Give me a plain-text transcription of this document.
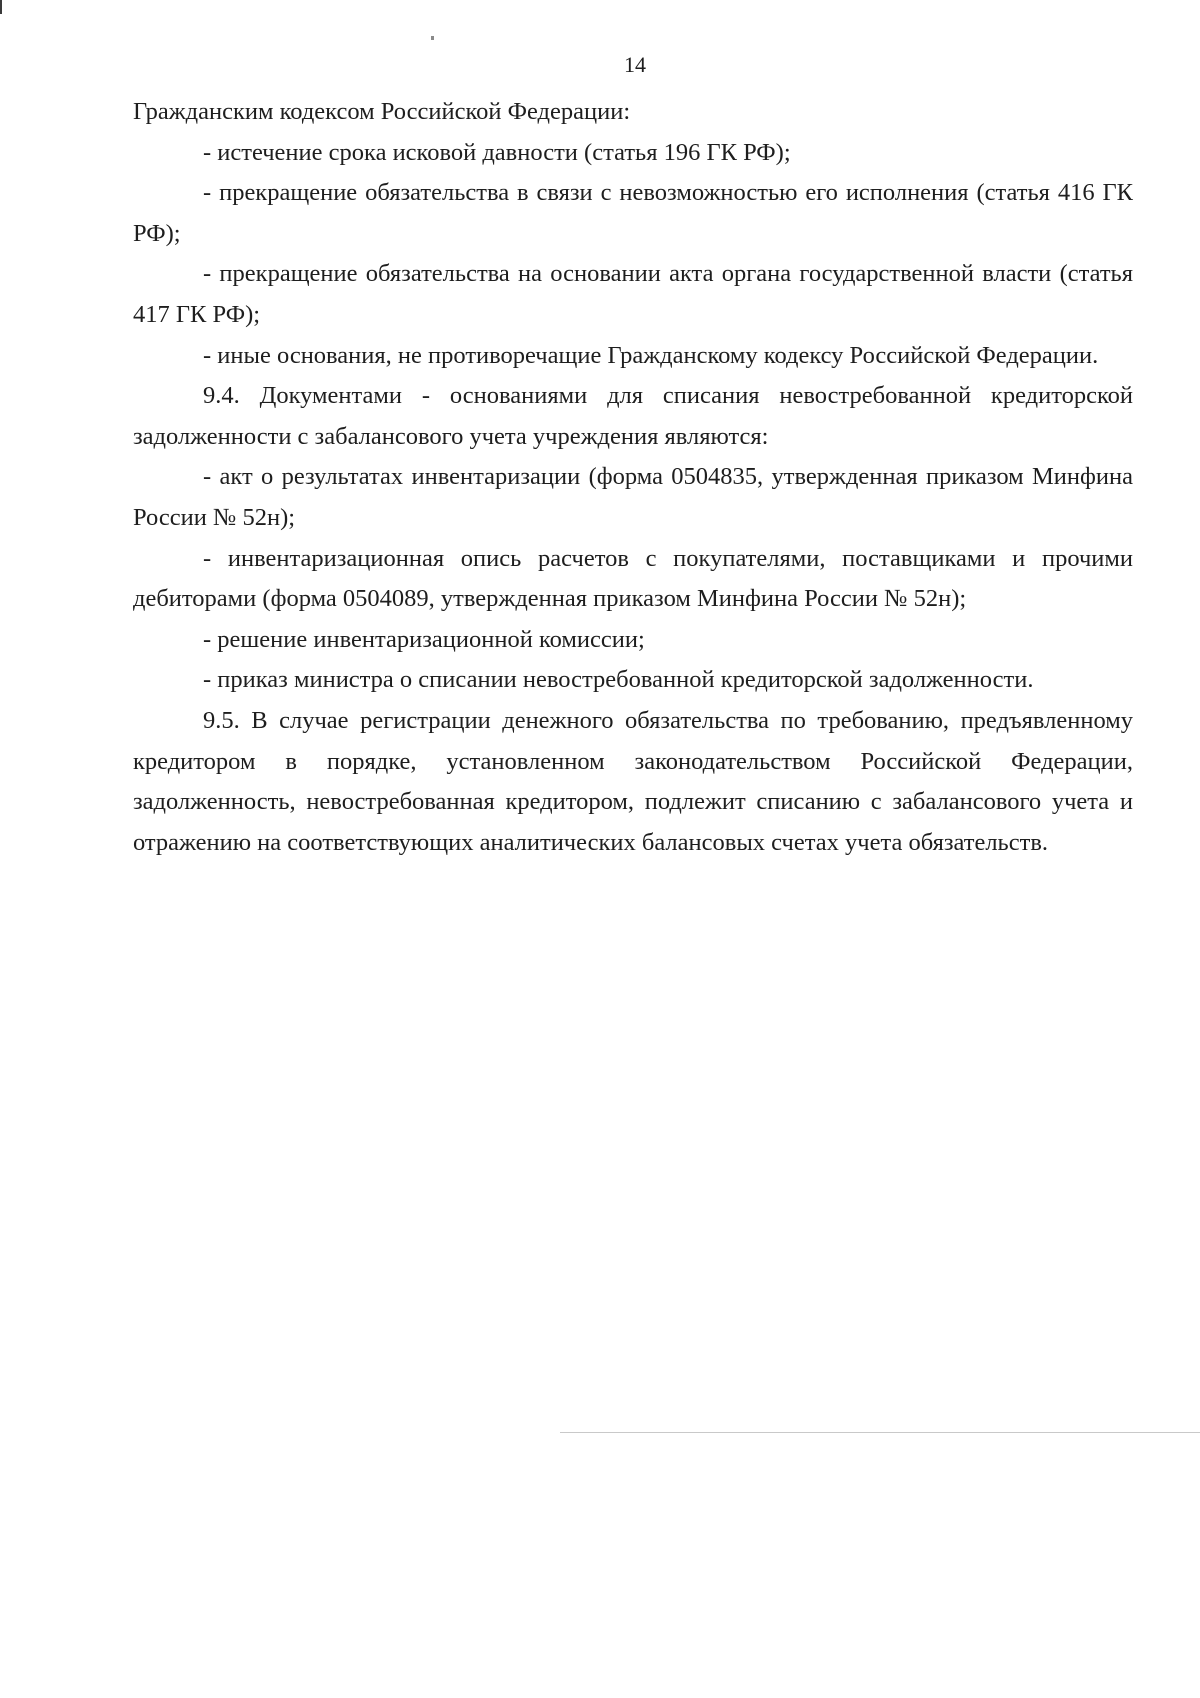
14

Гражданским кодексом Российской Федерации:

- истечение срока исковой давности (статья 196 ГК РФ);

- прекращение обязательства в связи с невозможностью его исполнения (статья 416 ГК РФ);

- прекращение обязательства на основании акта органа государственной власти (статья 417 ГК РФ);

- иные основания, не противоречащие Гражданскому кодексу Российской Федерации.

9.4. Документами - основаниями для списания невостребованной кредиторской задолженности с забалансового учета учреждения являются:

- акт о результатах инвентаризации (форма 0504835, утвержденная приказом Минфина России № 52н);

- инвентаризационная опись расчетов с покупателями, поставщиками и прочими дебиторами (форма 0504089, утвержденная приказом Минфина России № 52н);

- решение инвентаризационной комиссии;

- приказ министра о списании невостребованной кредиторской задолженности.

9.5. В случае регистрации денежного обязательства по требованию, предъявленному кредитором в порядке, установленном законодательством Российской Федерации, задолженность, невостребованная кредитором, подлежит списанию с забалансового учета и отражению на соответствующих аналитических балансовых счетах учета обязательств.
